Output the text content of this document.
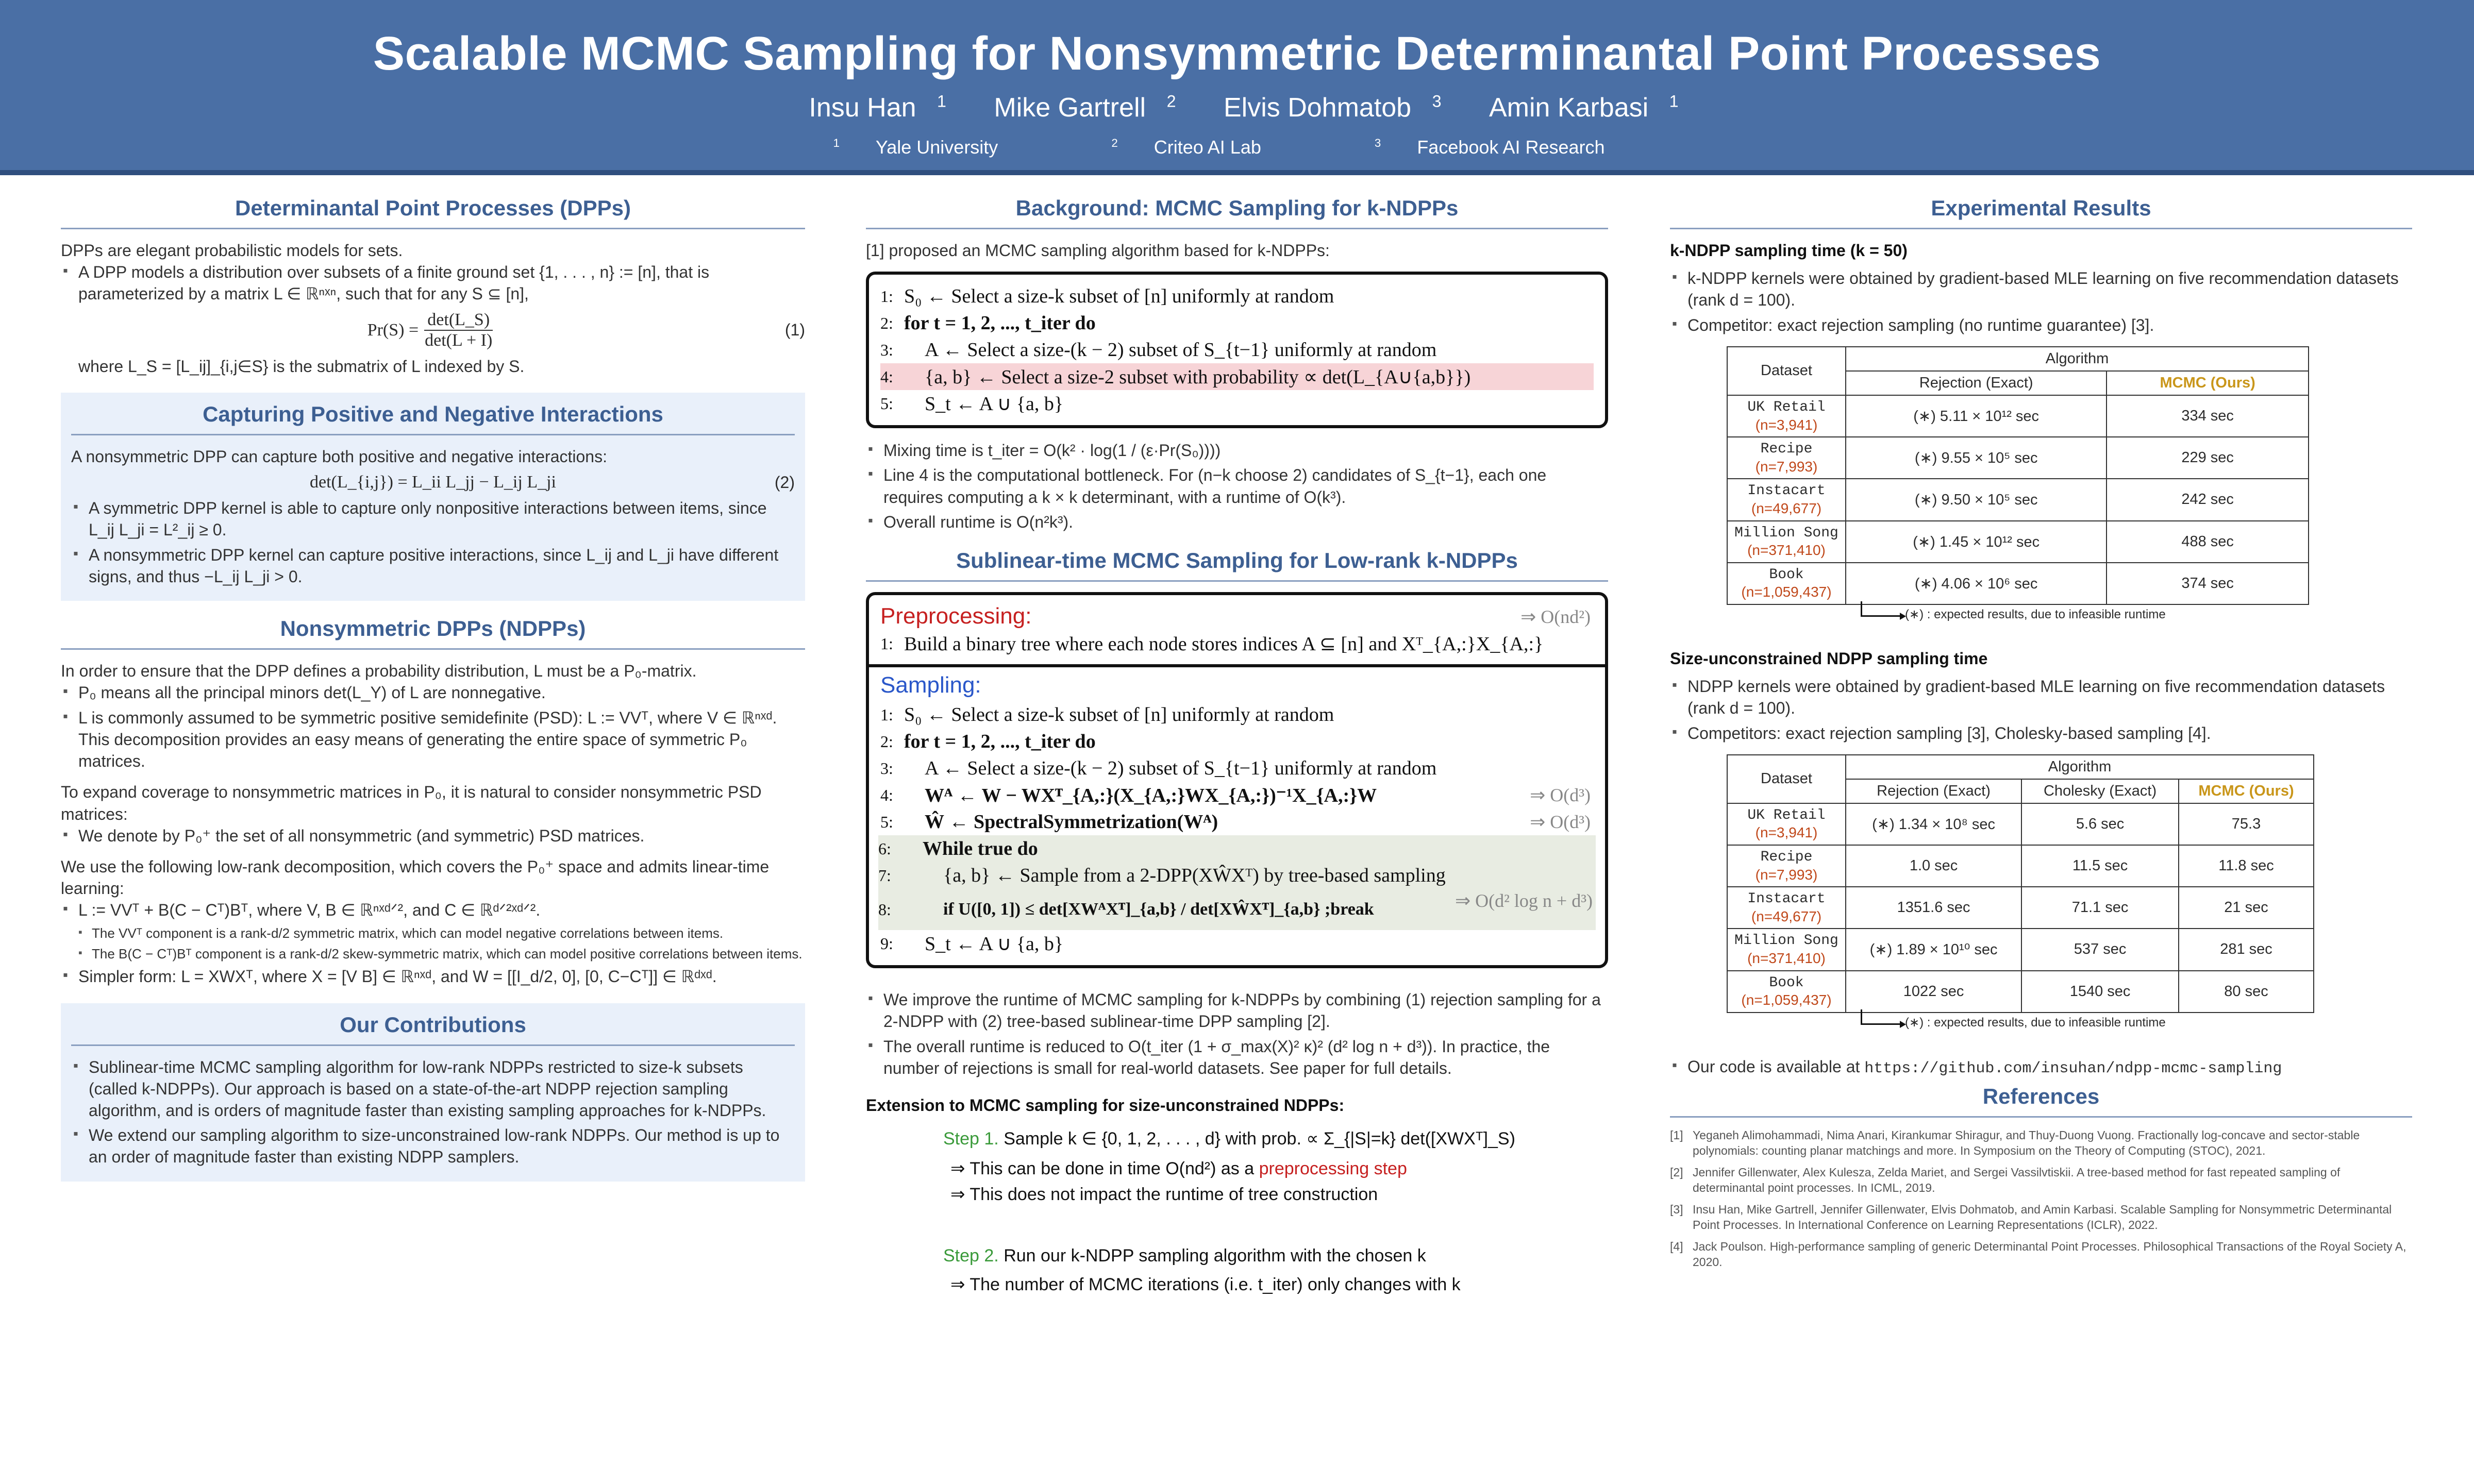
Scalable MCMC Sampling for Nonsymmetric Determinantal Point Processes
Insu Han $^1$ Mike Gartrell $^2$ Elvis Dohmatob $^3$ Amin Karbasi $^1$
$^1$ Yale University	$^2$ Criteo AI Lab	$^3$ Facebook AI Research
Determinantal Point Processes (DPPs)

DPPs are elegant probabilistic models for sets.

▪ A DPP models a distribution over subsets of a finite ground set {1, . . . , n} := [n], that is parameterized by a matrix L ∈ ℝⁿˣⁿ, such that for any S ⊆ [n],
$Pr(S) = \frac{\det(L\_S)}{\det(L + I)}$	(1)

where L_S = [L_ij]_{i,j∈S} is the submatrix of L indexed by S.

Capturing Positive and Negative Interactions

A nonsymmetric DPP can capture both positive and negative interactions:

det(L_{i,j}) = L_ii L_jj − L_ij L_ji	(2)
▪ A symmetric DPP kernel is able to capture only nonpositive interactions between items, since L_ij L_ji = L²_ij ≥ 0.
▪ A nonsymmetric DPP kernel can capture positive interactions, since L_ij and L_ji have different signs, and thus −L_ij L_ji > 0.
Nonsymmetric DPPs (NDPPs)

In order to ensure that the DPP defines a probability distribution, L must be a P₀-matrix.

▪ P₀ means all the principal minors det(L_Y) of L are nonnegative.
▪ L is commonly assumed to be symmetric positive semidefinite (PSD): L := VVᵀ, where V ∈ ℝⁿˣᵈ. This decomposition provides an easy means of generating the entire space of symmetric P₀ matrices.

To expand coverage to nonsymmetric matrices in P₀, it is natural to consider nonsymmetric PSD matrices:

▪ We denote by P₀⁺ the set of all nonsymmetric (and symmetric) PSD matrices.

We use the following low-rank decomposition, which covers the P₀⁺ space and admits linear-time learning:

▪ L := VVᵀ + B(C − Cᵀ)Bᵀ, where V, B ∈ ℝⁿˣᵈᐟ², and C ∈ ℝᵈᐟ²ˣᵈᐟ².
▪ The VVᵀ component is a rank-d/2 symmetric matrix, which can model negative correlations between items.
▪ The B(C − Cᵀ)Bᵀ component is a rank-d/2 skew-symmetric matrix, which can model positive correlations between items.
▪ Simpler form: L = XWXᵀ, where X = [V B] ∈ ℝⁿˣᵈ, and W = [[I_d/2, 0], [0, C−Cᵀ]] ∈ ℝᵈˣᵈ.
Our Contributions
▪ Sublinear-time MCMC sampling algorithm for low-rank NDPPs restricted to size-k subsets (called k-NDPPs). Our approach is based on a state-of-the-art NDPP rejection sampling algorithm, and is orders of magnitude faster than existing sampling approaches for k-NDPPs.
▪ We extend our sampling algorithm to size-unconstrained low-rank NDPPs. Our method is up to an order of magnitude faster than existing NDPP samplers.
Background: MCMC Sampling for k-NDPPs

[1] proposed an MCMC sampling algorithm based for k-NDPPs:

1: S₀ ← Select a size-k subset of [n] uniformly at random
2: for t = 1, 2, ..., t_iter do
3:	A ← Select a size-(k − 2) subset of S_{t−1} uniformly at random
4:	{a, b} ← Select a size-2 subset with probability ∝ det(L_{A∪{a,b}})
5:	S_t ← A ∪ {a, b}
▪ Mixing time is t_iter = O(k² · log(1 / (ε·Pr(S₀))))
▪ Line 4 is the computational bottleneck. For (n−k choose 2) candidates of S_{t−1}, each one requires computing a k × k determinant, with a runtime of O(k³).
▪ Overall runtime is O(n²k³).
Sublinear-time MCMC Sampling for Low-rank k-NDPPs
Preprocessing:	⇒ O(nd²)
1: Build a binary tree where each node stores indices A ⊆ [n] and Xᵀ_{A,:}X_{A,:}
Sampling:
1: S₀ ← Select a size-k subset of [n] uniformly at random
2: for t = 1, 2, ..., t_iter do
3:	A ← Select a size-(k − 2) subset of S_{t−1} uniformly at random
4:	Wᴬ ← W − WXᵀ_{A,:}(X_{A,:}WX_{A,:})⁻¹X_{A,:}W	⇒ O(d³)
5:	Ŵ ← SpectralSymmetrization(Wᴬ)	⇒ O(d³)
6:	While true do
7:	{a, b} ← Sample from a 2-DPP(XŴXᵀ) by tree-based sampling
8:	if U([0, 1]) ≤ det[XWᴬXᵀ]_{a,b} / det[XŴXᵀ]_{a,b} ;break	⇒ O(d² log n + d³)
9:	S_t ← A ∪ {a, b}
▪ We improve the runtime of MCMC sampling for k-NDPPs by combining (1) rejection sampling for a 2-NDPP with (2) tree-based sublinear-time DPP sampling [2].
▪ The overall runtime is reduced to O(t_iter (1 + σ_max(X)² κ)² (d² log n + d³)). In practice, the number of rejections is small for real-world datasets. See paper for full details.

Extension to MCMC sampling for size-unconstrained NDPPs:

Step 1. Sample k ∈ {0, 1, 2, . . . , d} with prob. ∝ Σ_{|S|=k} det([XWXᵀ]_S)
⇒ This can be done in time O(nd²) as a preprocessing step
⇒ This does not impact the runtime of tree construction
Step 2. Run our k-NDPP sampling algorithm with the chosen k
⇒ The number of MCMC iterations (i.e. t_iter) only changes with k
Experimental Results

k-NDPP sampling time (k = 50)

▪ k-NDPP kernels were obtained by gradient-based MLE learning on five recommendation datasets (rank d = 100).
▪ Competitor: exact rejection sampling (no runtime guarantee) [3].
Dataset	Algorithm	
	Rejection (Exact)	MCMC (Ours)

UK Retail
(n=3,941)	(∗) 5.11 × 10¹² sec	334 sec

Recipe
(n=7,993)	(∗) 9.55 × 10⁵ sec	229 sec

Instacart
(n=49,677)	(∗) 9.50 × 10⁵ sec	242 sec

Million Song
(n=371,410)	(∗) 1.45 × 10¹² sec	488 sec

Book
(n=1,059,437)	(∗) 4.06 × 10⁶ sec	374 sec
(∗) : expected results, due to infeasible runtime

Size-unconstrained NDPP sampling time

▪ NDPP kernels were obtained by gradient-based MLE learning on five recommendation datasets (rank d = 100).
▪ Competitors: exact rejection sampling [3], Cholesky-based sampling [4].
Dataset	Algorithm		
	Rejection (Exact)	Cholesky (Exact)	MCMC (Ours)

UK Retail
(n=3,941)	(∗) 1.34 × 10⁸ sec	5.6 sec	75.3

Recipe
(n=7,993)	1.0 sec	11.5 sec	11.8 sec

Instacart
(n=49,677)	1351.6 sec	71.1 sec	21 sec

Million Song
(n=371,410)	(∗) 1.89 × 10¹⁰ sec	537 sec	281 sec

Book
(n=1,059,437)	1022 sec	1540 sec	80 sec
(∗) : expected results, due to infeasible runtime
▪ Our code is available at https://github.com/insuhan/ndpp-mcmc-sampling
References

[1] Yeganeh Alimohammadi, Nima Anari, Kirankumar Shiragur, and Thuy-Duong Vuong. Fractionally log-concave and sector-stable polynomials: counting planar matchings and more. In Symposium on the Theory of Computing (STOC), 2021.

[2] Jennifer Gillenwater, Alex Kulesza, Zelda Mariet, and Sergei Vassilvtiskii. A tree-based method for fast repeated sampling of determinantal point processes. In ICML, 2019.

[3] Insu Han, Mike Gartrell, Jennifer Gillenwater, Elvis Dohmatob, and Amin Karbasi. Scalable Sampling for Nonsymmetric Determinantal Point Processes. In International Conference on Learning Representations (ICLR), 2022.

[4] Jack Poulson. High-performance sampling of generic Determinantal Point Processes. Philosophical Transactions of the Royal Society A, 2020.
